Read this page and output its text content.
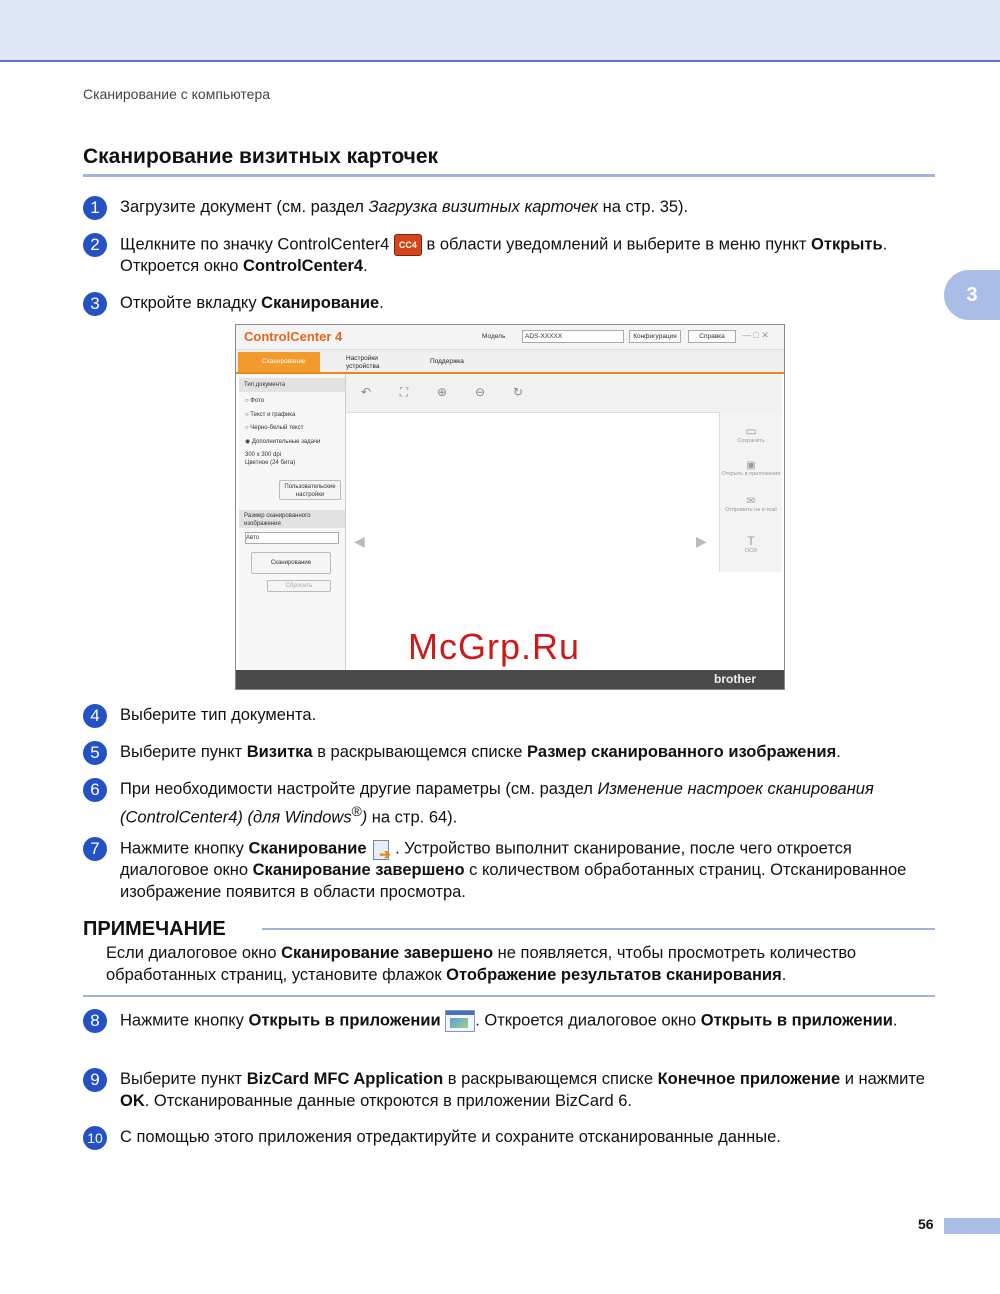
Сканирование с компьютера
3
Сканирование визитных карточек
1	Загрузите документ (см. раздел Загрузка визитных карточек на стр. 35).
2	Щелкните по значку ControlCenter4 CC4 в области уведомлений и выберите в меню пункт Открыть. Откроется окно ControlCenter4.
3	Откройте вкладку Сканирование.
ControlCenter 4	Модель	ADS-XXXXX	Конфигурация	Справка	— □ ✕
Сканирование	Настройки устройства
Поддержка
Тип документа
○ Фото
○ Текст и графика
○ Черно-белый текст
◉ Дополнительные задачи
300 x 300 dpi
Цветное (24 бита)
Пользовательские настройки
Размер сканированного изображения
Авто
Сканирование
Сбросить
↶	⛶	⊕	⊖	↻
◀	▶
▭
Сохранить
▣
Открыть в приложении
✉
Отправить на e-mail
T
OCR
brother
McGrp.Ru
4	Выберите тип документа.
5	Выберите пункт Визитка в раскрывающемся списке Размер сканированного изображения.
6	При необходимости настройте другие параметры (см. раздел Изменение настроек сканирования (ControlCenter4) (для Windows®) на стр. 64).
7	Нажмите кнопку Сканирование ➔ . Устройство выполнит сканирование, после чего откроется диалоговое окно Сканирование завершено с количеством обработанных страниц. Отсканированное изображение появится в области просмотра.
ПРИМЕЧАНИЕ
Если диалоговое окно Сканирование завершено не появляется, чтобы просмотреть количество обработанных страниц, установите флажок Отображение результатов сканирования.
8	Нажмите кнопку Открыть в приложении . Откроется диалоговое окно Открыть в приложении.
9	Выберите пункт BizCard MFC Application в раскрывающемся списке Конечное приложение и нажмите OK. Отсканированные данные откроются в приложении BizCard 6.
10 С помощью этого приложения отредактируйте и сохраните отсканированные данные.
56
